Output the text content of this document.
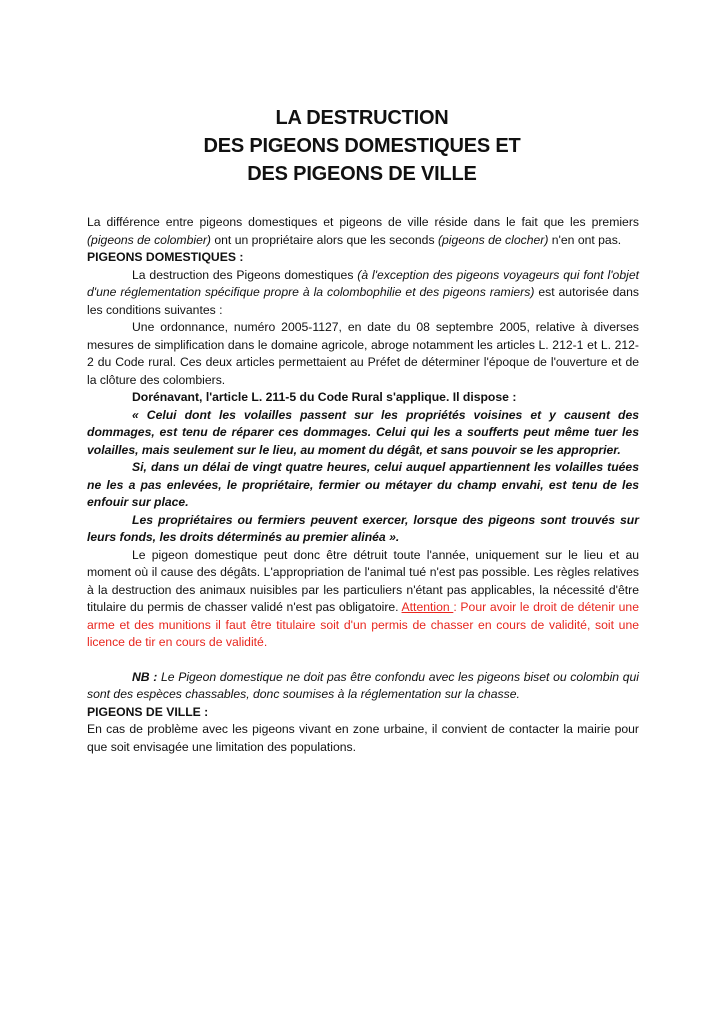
LA DESTRUCTION
DES PIGEONS DOMESTIQUES ET
DES PIGEONS DE VILLE

La différence entre pigeons domestiques et pigeons de ville réside dans le fait que les premiers (pigeons de colombier) ont un propriétaire alors que les seconds (pigeons de clocher) n'en ont pas.

PIGEONS DOMESTIQUES :

La destruction des Pigeons domestiques (à l'exception des pigeons voyageurs qui font l'objet d'une réglementation spécifique propre à la colombophilie et des pigeons ramiers) est autorisée dans les conditions suivantes :

Une ordonnance, numéro 2005-1127, en date du 08 septembre 2005, relative à diverses mesures de simplification dans le domaine agricole, abroge notamment les articles L. 212-1 et L. 212-2 du Code rural. Ces deux articles permettaient au Préfet de déterminer l'époque de l'ouverture et de la clôture des colombiers.

Dorénavant, l'article L. 211-5 du Code Rural s'applique. Il dispose :

« Celui dont les volailles passent sur les propriétés voisines et y causent des dommages, est tenu de réparer ces dommages. Celui qui les a soufferts peut même tuer les volailles, mais seulement sur le lieu, au moment du dégât, et sans pouvoir se les approprier.

Si, dans un délai de vingt quatre heures, celui auquel appartiennent les volailles tuées ne les a pas enlevées, le propriétaire, fermier ou métayer du champ envahi, est tenu de les enfouir sur place.

Les propriétaires ou fermiers peuvent exercer, lorsque des pigeons sont trouvés sur leurs fonds, les droits déterminés au premier alinéa ».

Le pigeon domestique peut donc être détruit toute l'année, uniquement sur le lieu et au moment où il cause des dégâts. L'appropriation de l'animal tué n'est pas possible. Les règles relatives à la destruction des animaux nuisibles par les particuliers n'étant pas applicables, la nécessité d'être titulaire du permis de chasser validé n'est pas obligatoire. Attention : Pour avoir le droit de détenir une arme et des munitions il faut être titulaire soit d'un permis de chasser en cours de validité, soit une licence de tir en cours de validité.

NB : Le Pigeon domestique ne doit pas être confondu avec les pigeons biset ou colombin qui sont des espèces chassables, donc soumises à la réglementation sur la chasse.

PIGEONS DE VILLE :

En cas de problème avec les pigeons vivant en zone urbaine, il convient de contacter la mairie pour que soit envisagée une limitation des populations.
